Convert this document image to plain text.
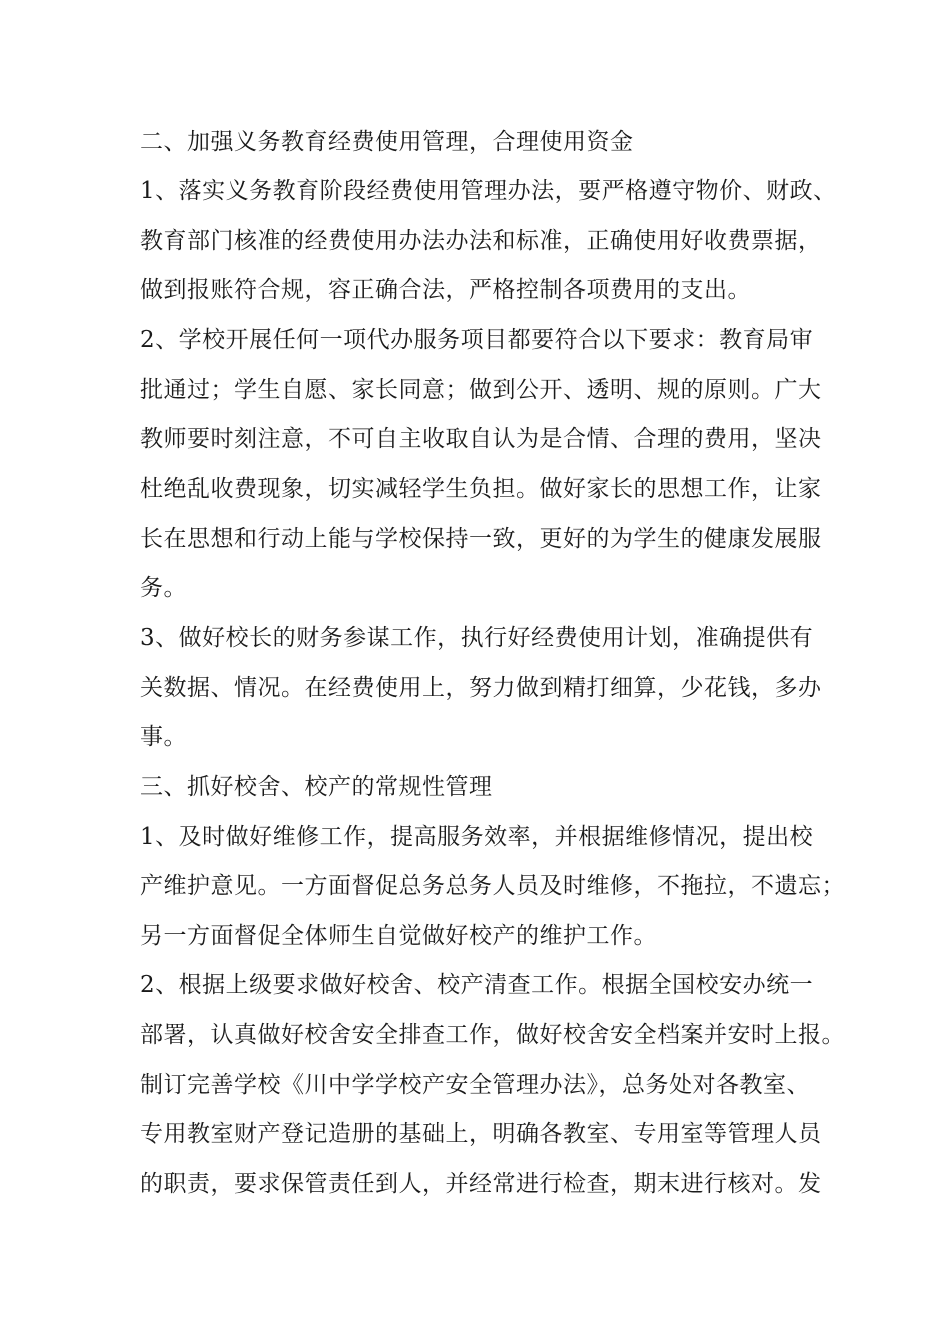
二、加强义务教育经费使用管理，合理使用资金
1、落实义务教育阶段经费使用管理办法，要严格遵守物价、财政、
教育部门核准的经费使用办法办法和标准，正确使用好收费票据，
做到报账符合规，容正确合法，严格控制各项费用的支出。
2、学校开展任何一项代办服务项目都要符合以下要求：教育局审
批通过；学生自愿、家长同意；做到公开、透明、规的原则。广大
教师要时刻注意，不可自主收取自认为是合情、合理的费用，坚决
杜绝乱收费现象，切实减轻学生负担。做好家长的思想工作，让家
长在思想和行动上能与学校保持一致，更好的为学生的健康发展服
务。
3、做好校长的财务参谋工作，执行好经费使用计划，准确提供有
关数据、情况。在经费使用上，努力做到精打细算，少花钱，多办
事。
三、抓好校舍、校产的常规性管理
1、及时做好维修工作，提高服务效率，并根据维修情况，提出校
产维护意见。一方面督促总务总务人员及时维修，不拖拉，不遗忘；
另一方面督促全体师生自觉做好校产的维护工作。
2、根据上级要求做好校舍、校产清查工作。根据全国校安办统一
部署，认真做好校舍安全排查工作，做好校舍安全档案并安时上报。
制订完善学校《川中学学校产安全管理办法》，总务处对各教室、
专用教室财产登记造册的基础上，明确各教室、专用室等管理人员
的职责，要求保管责任到人，并经常进行检查，期末进行核对。发
